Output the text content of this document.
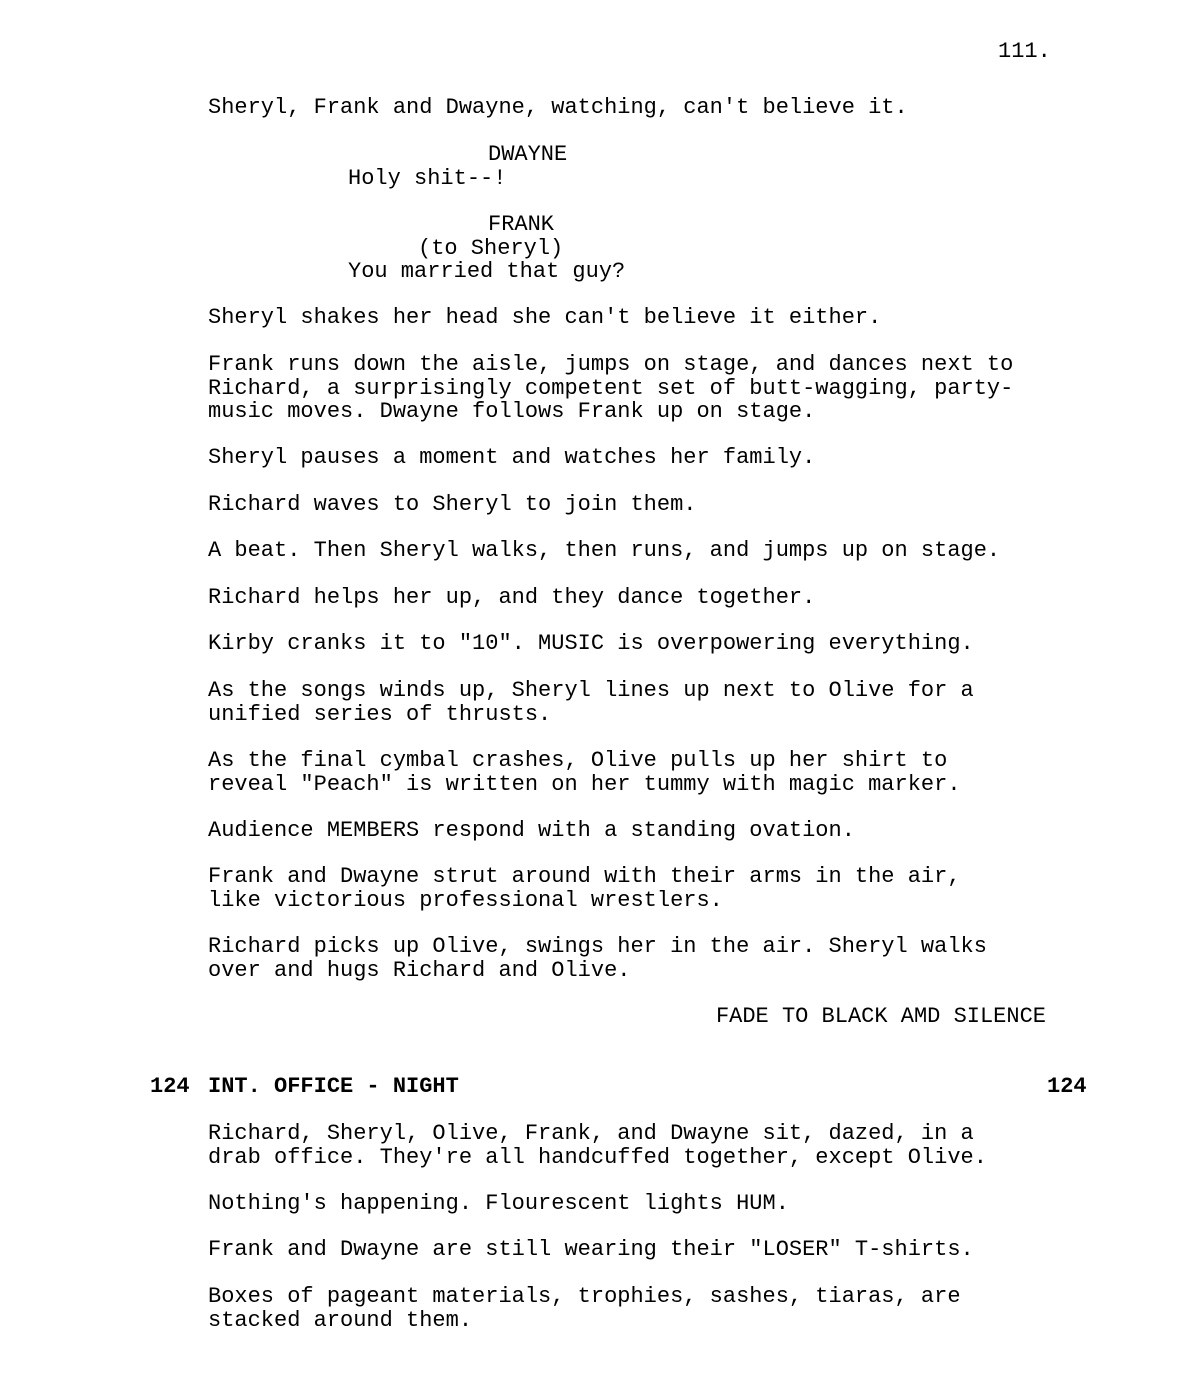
111.
Sheryl, Frank and Dwayne, watching, can't believe it.
DWAYNE
Holy shit--!
FRANK
(to Sheryl)
You married that guy?
Sheryl shakes her head she can't believe it either.
Frank runs down the aisle, jumps on stage, and dances next to
Richard, a surprisingly competent set of butt-wagging, party-
music moves. Dwayne follows Frank up on stage.
Sheryl pauses a moment and watches her family.
Richard waves to Sheryl to join them.
A beat. Then Sheryl walks, then runs, and jumps up on stage.
Richard helps her up, and they dance together.
Kirby cranks it to "10". MUSIC is overpowering everything.
As the songs winds up, Sheryl lines up next to Olive for a
unified series of thrusts.
As the final cymbal crashes, Olive pulls up her shirt to
reveal "Peach" is written on her tummy with magic marker.
Audience MEMBERS respond with a standing ovation.
Frank and Dwayne strut around with their arms in the air,
like victorious professional wrestlers.
Richard picks up Olive, swings her in the air. Sheryl walks
over and hugs Richard and Olive.
FADE TO BLACK AMD SILENCE
124 INT. OFFICE - NIGHT	124
Richard, Sheryl, Olive, Frank, and Dwayne sit, dazed, in a
drab office. They're all handcuffed together, except Olive.
Nothing's happening. Flourescent lights HUM.
Frank and Dwayne are still wearing their "LOSER" T-shirts.
Boxes of pageant materials, trophies, sashes, tiaras, are
stacked around them.
